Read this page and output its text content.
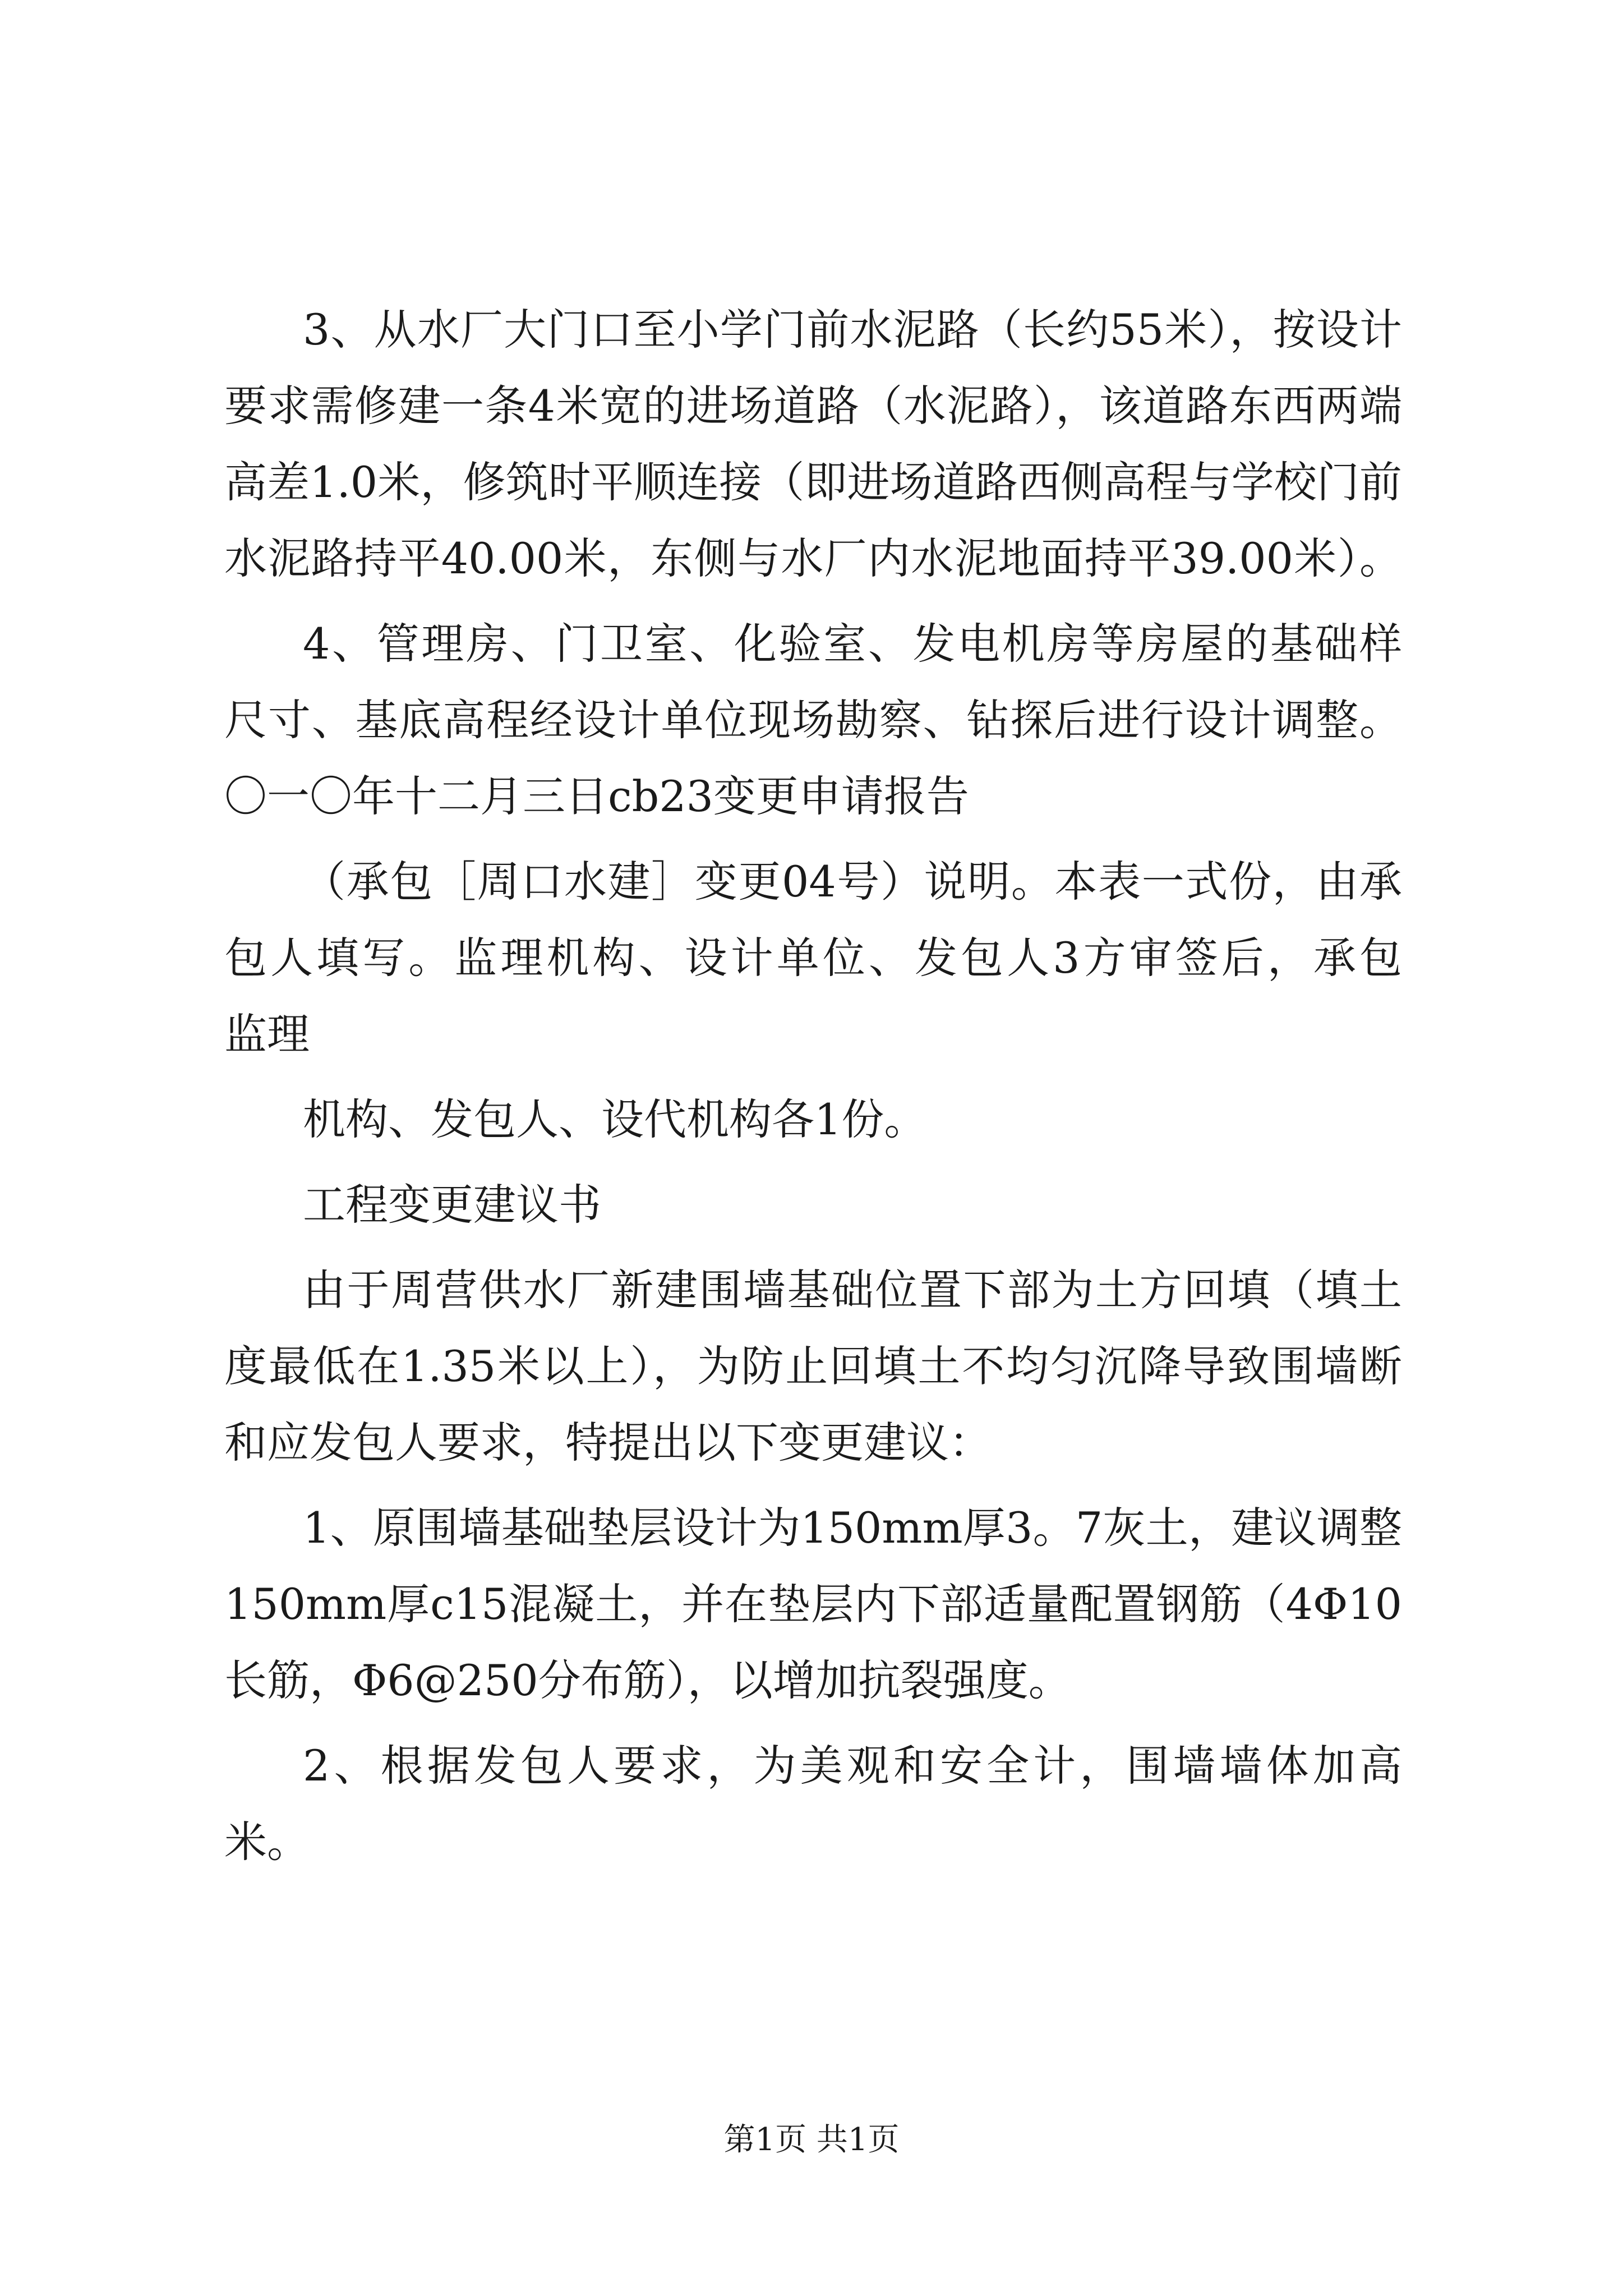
3、从水厂大门口至小学门前水泥路（长约55米），按设计
要求需修建一条4米宽的进场道路（水泥路），该道路东西两端
高差1.0米，修筑时平顺连接（即进场道路西侧高程与学校门前
水泥路持平40.00米，东侧与水厂内水泥地面持平39.00米）。
4、管理房、门卫室、化验室、发电机房等房屋的基础样
尺寸、基底高程经设计单位现场勘察、钻探后进行设计调整。
〇一〇年十二月三日cb23变更申请报告
（承包［周口水建］变更04号）说明。本表一式份，由承
包人填写。监理机构、设计单位、发包人3方审签后，承包
监理
机构、发包人、设代机构各1份。
工程变更建议书
由于周营供水厂新建围墙基础位置下部为土方回填（填土
度最低在1.35米以上），为防止回填土不均匀沉降导致围墙断
和应发包人要求，特提出以下变更建议：
1、原围墙基础垫层设计为150mm厚3。7灰土，建议调整
150mm厚c15混凝土，并在垫层内下部适量配置钢筋（4Φ10
长筋，Φ6@250分布筋），以增加抗裂强度。
2、根据发包人要求，为美观和安全计，围墙墙体加高
米。
第1页 共1页
